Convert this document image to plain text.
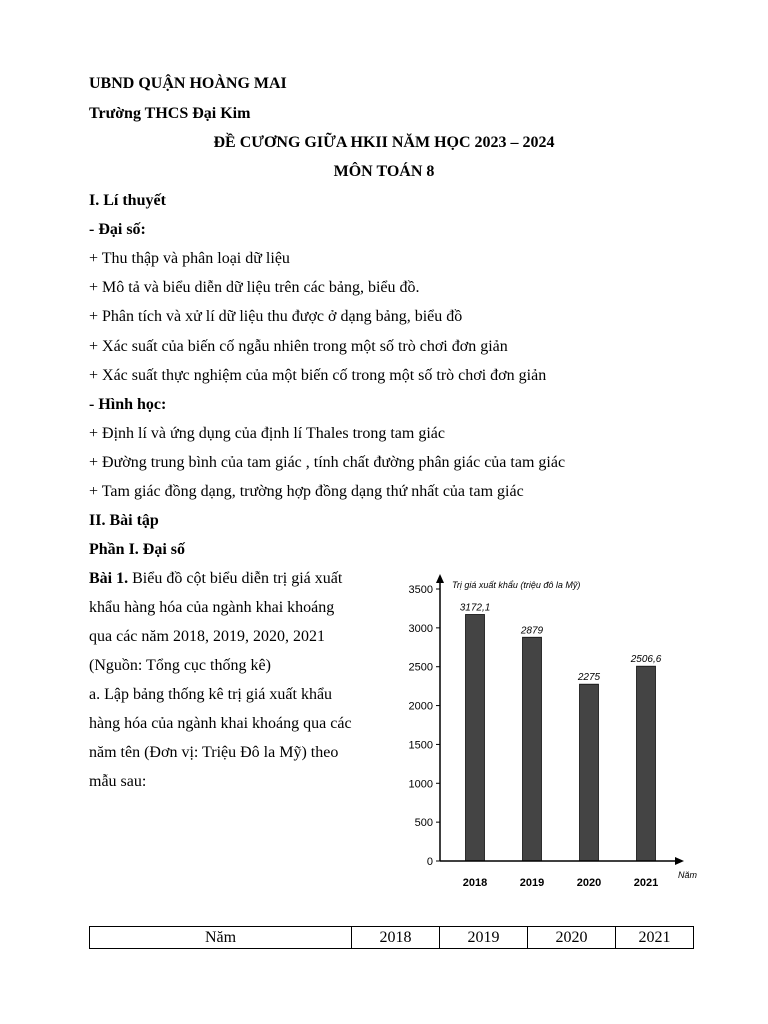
UBND QUẬN HOÀNG MAI
Trường THCS Đại Kim
ĐỀ CƯƠNG GIỮA HKII NĂM HỌC 2023 – 2024
MÔN TOÁN 8
I. Lí thuyết
- Đại số:
+ Thu thập và phân loại dữ liệu
+ Mô tả và biểu diễn dữ liệu trên các bảng, biểu đồ.
+ Phân tích và xử lí dữ liệu thu được ở dạng bảng, biểu đồ
+ Xác suất của biến cố ngẫu nhiên trong một số trò chơi đơn giản
+ Xác suất thực nghiệm của một biến cố trong một số trò chơi đơn giản
- Hình học:
+ Định lí và ứng dụng của định lí Thales trong tam giác
+ Đường trung bình của tam giác , tính chất đường phân giác của tam giác
+ Tam giác đồng dạng, trường hợp đồng dạng thứ nhất của tam giác
II. Bài tập
Phần I. Đại số
Bài 1. Biểu đồ cột biểu diễn trị giá xuất
khẩu hàng hóa của ngành khai khoáng
qua các năm 2018, 2019, 2020, 2021
(Nguồn: Tổng cục thống kê)
a. Lập bảng thống kê trị giá xuất khẩu
hàng hóa của ngành khai khoáng qua các
năm tên (Đơn vị: Triệu Đô la Mỹ) theo
mẫu sau:
0
500
1000
1500
2000
2500
3000
3500
3172,1
2879
2275
2506,6
2018	2019	2020	2021
Trị giá xuất khẩu (triệu đô la Mỹ)
Năm
Năm	2018	2019	2020	2021
